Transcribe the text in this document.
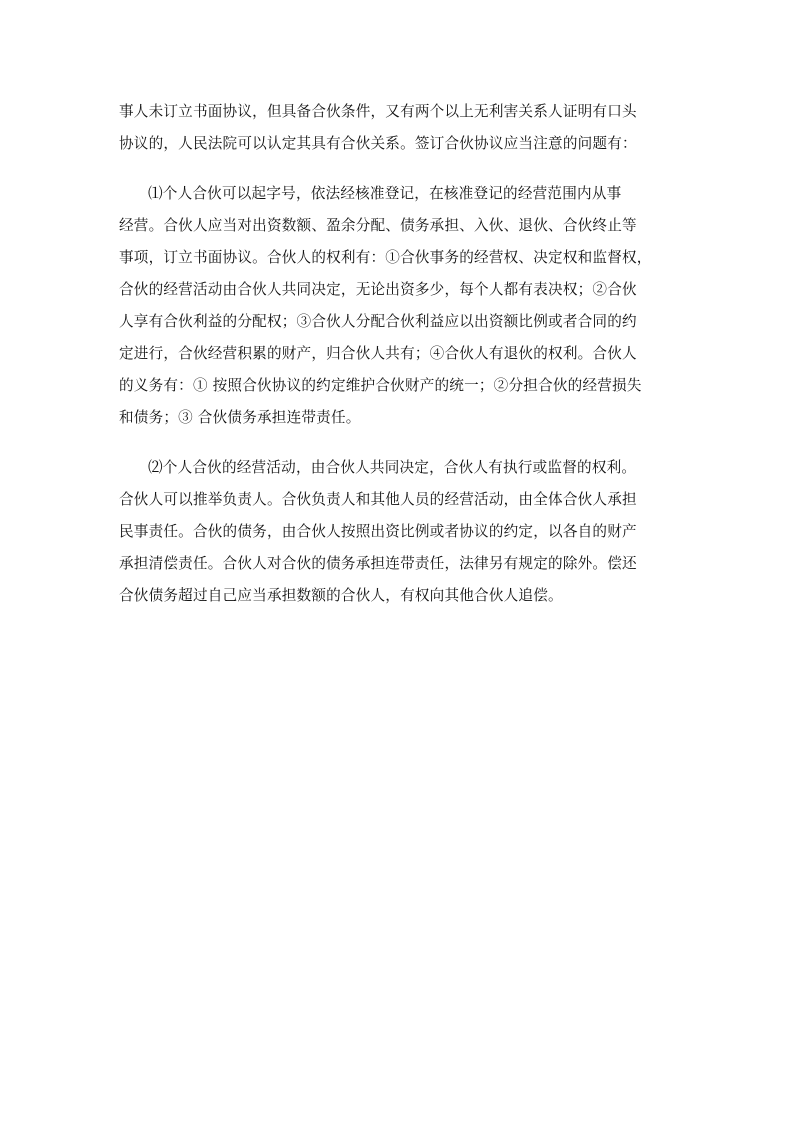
事人未订立书面协议，但具备合伙条件，又有两个以上无利害关系人证明有口头
协议的，人民法院可以认定其具有合伙关系。签订合伙协议应当注意的问题有：
⑴个人合伙可以起字号，依法经核准登记，在核准登记的经营范围内从事
经营。合伙人应当对出资数额、盈余分配、债务承担、入伙、退伙、合伙终止等
事项，订立书面协议。合伙人的权利有：①合伙事务的经营权、决定权和监督权，
合伙的经营活动由合伙人共同决定，无论出资多少，每个人都有表决权；②合伙
人享有合伙利益的分配权；③合伙人分配合伙利益应以出资额比例或者合同的约
定进行，合伙经营积累的财产，归合伙人共有；④合伙人有退伙的权利。合伙人
的义务有：① 按照合伙协议的约定维护合伙财产的统一；②分担合伙的经营损失
和债务；③ 合伙债务承担连带责任。
⑵个人合伙的经营活动，由合伙人共同决定，合伙人有执行或监督的权利。
合伙人可以推举负责人。合伙负责人和其他人员的经营活动，由全体合伙人承担
民事责任。合伙的债务，由合伙人按照出资比例或者协议的约定，以各自的财产
承担清偿责任。合伙人对合伙的债务承担连带责任，法律另有规定的除外。偿还
合伙债务超过自己应当承担数额的合伙人，有权向其他合伙人追偿。
